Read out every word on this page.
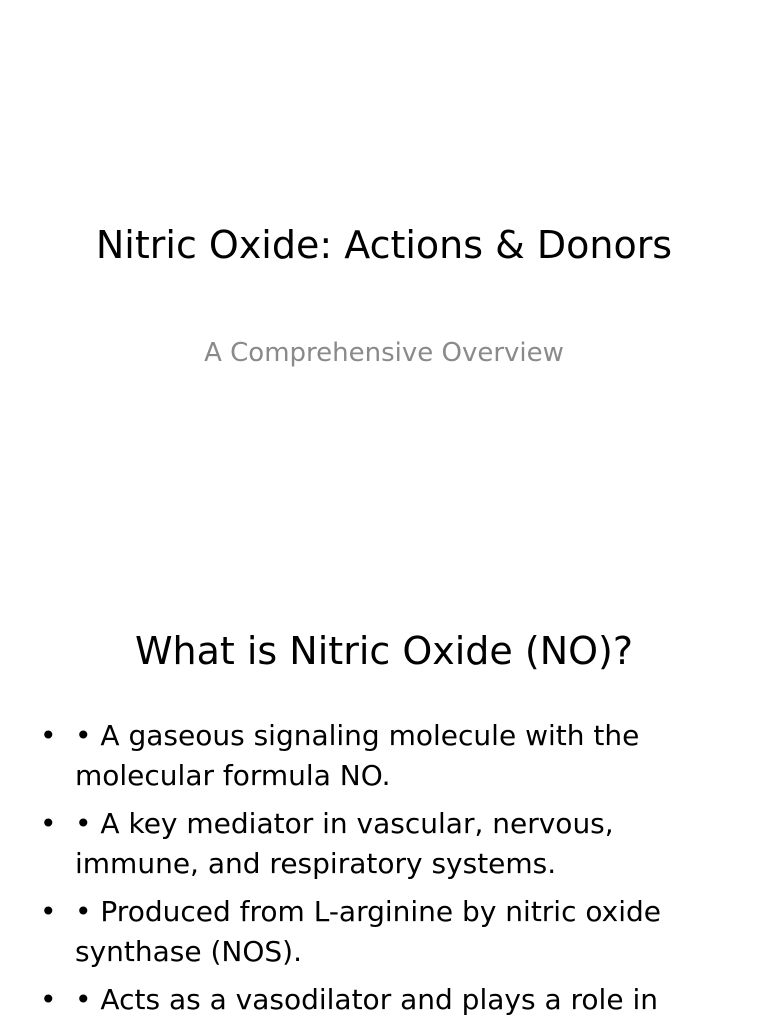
Nitric Oxide: Actions & Donors

A Comprehensive Overview

What is Nitric Oxide (NO)?
• • A gaseous signaling molecule with the molecular formula NO.
• • A key mediator in vascular, nervous, immune, and respiratory systems.
• • Produced from L-arginine by nitric oxide synthase (NOS).
• • Acts as a vasodilator and plays a role in
